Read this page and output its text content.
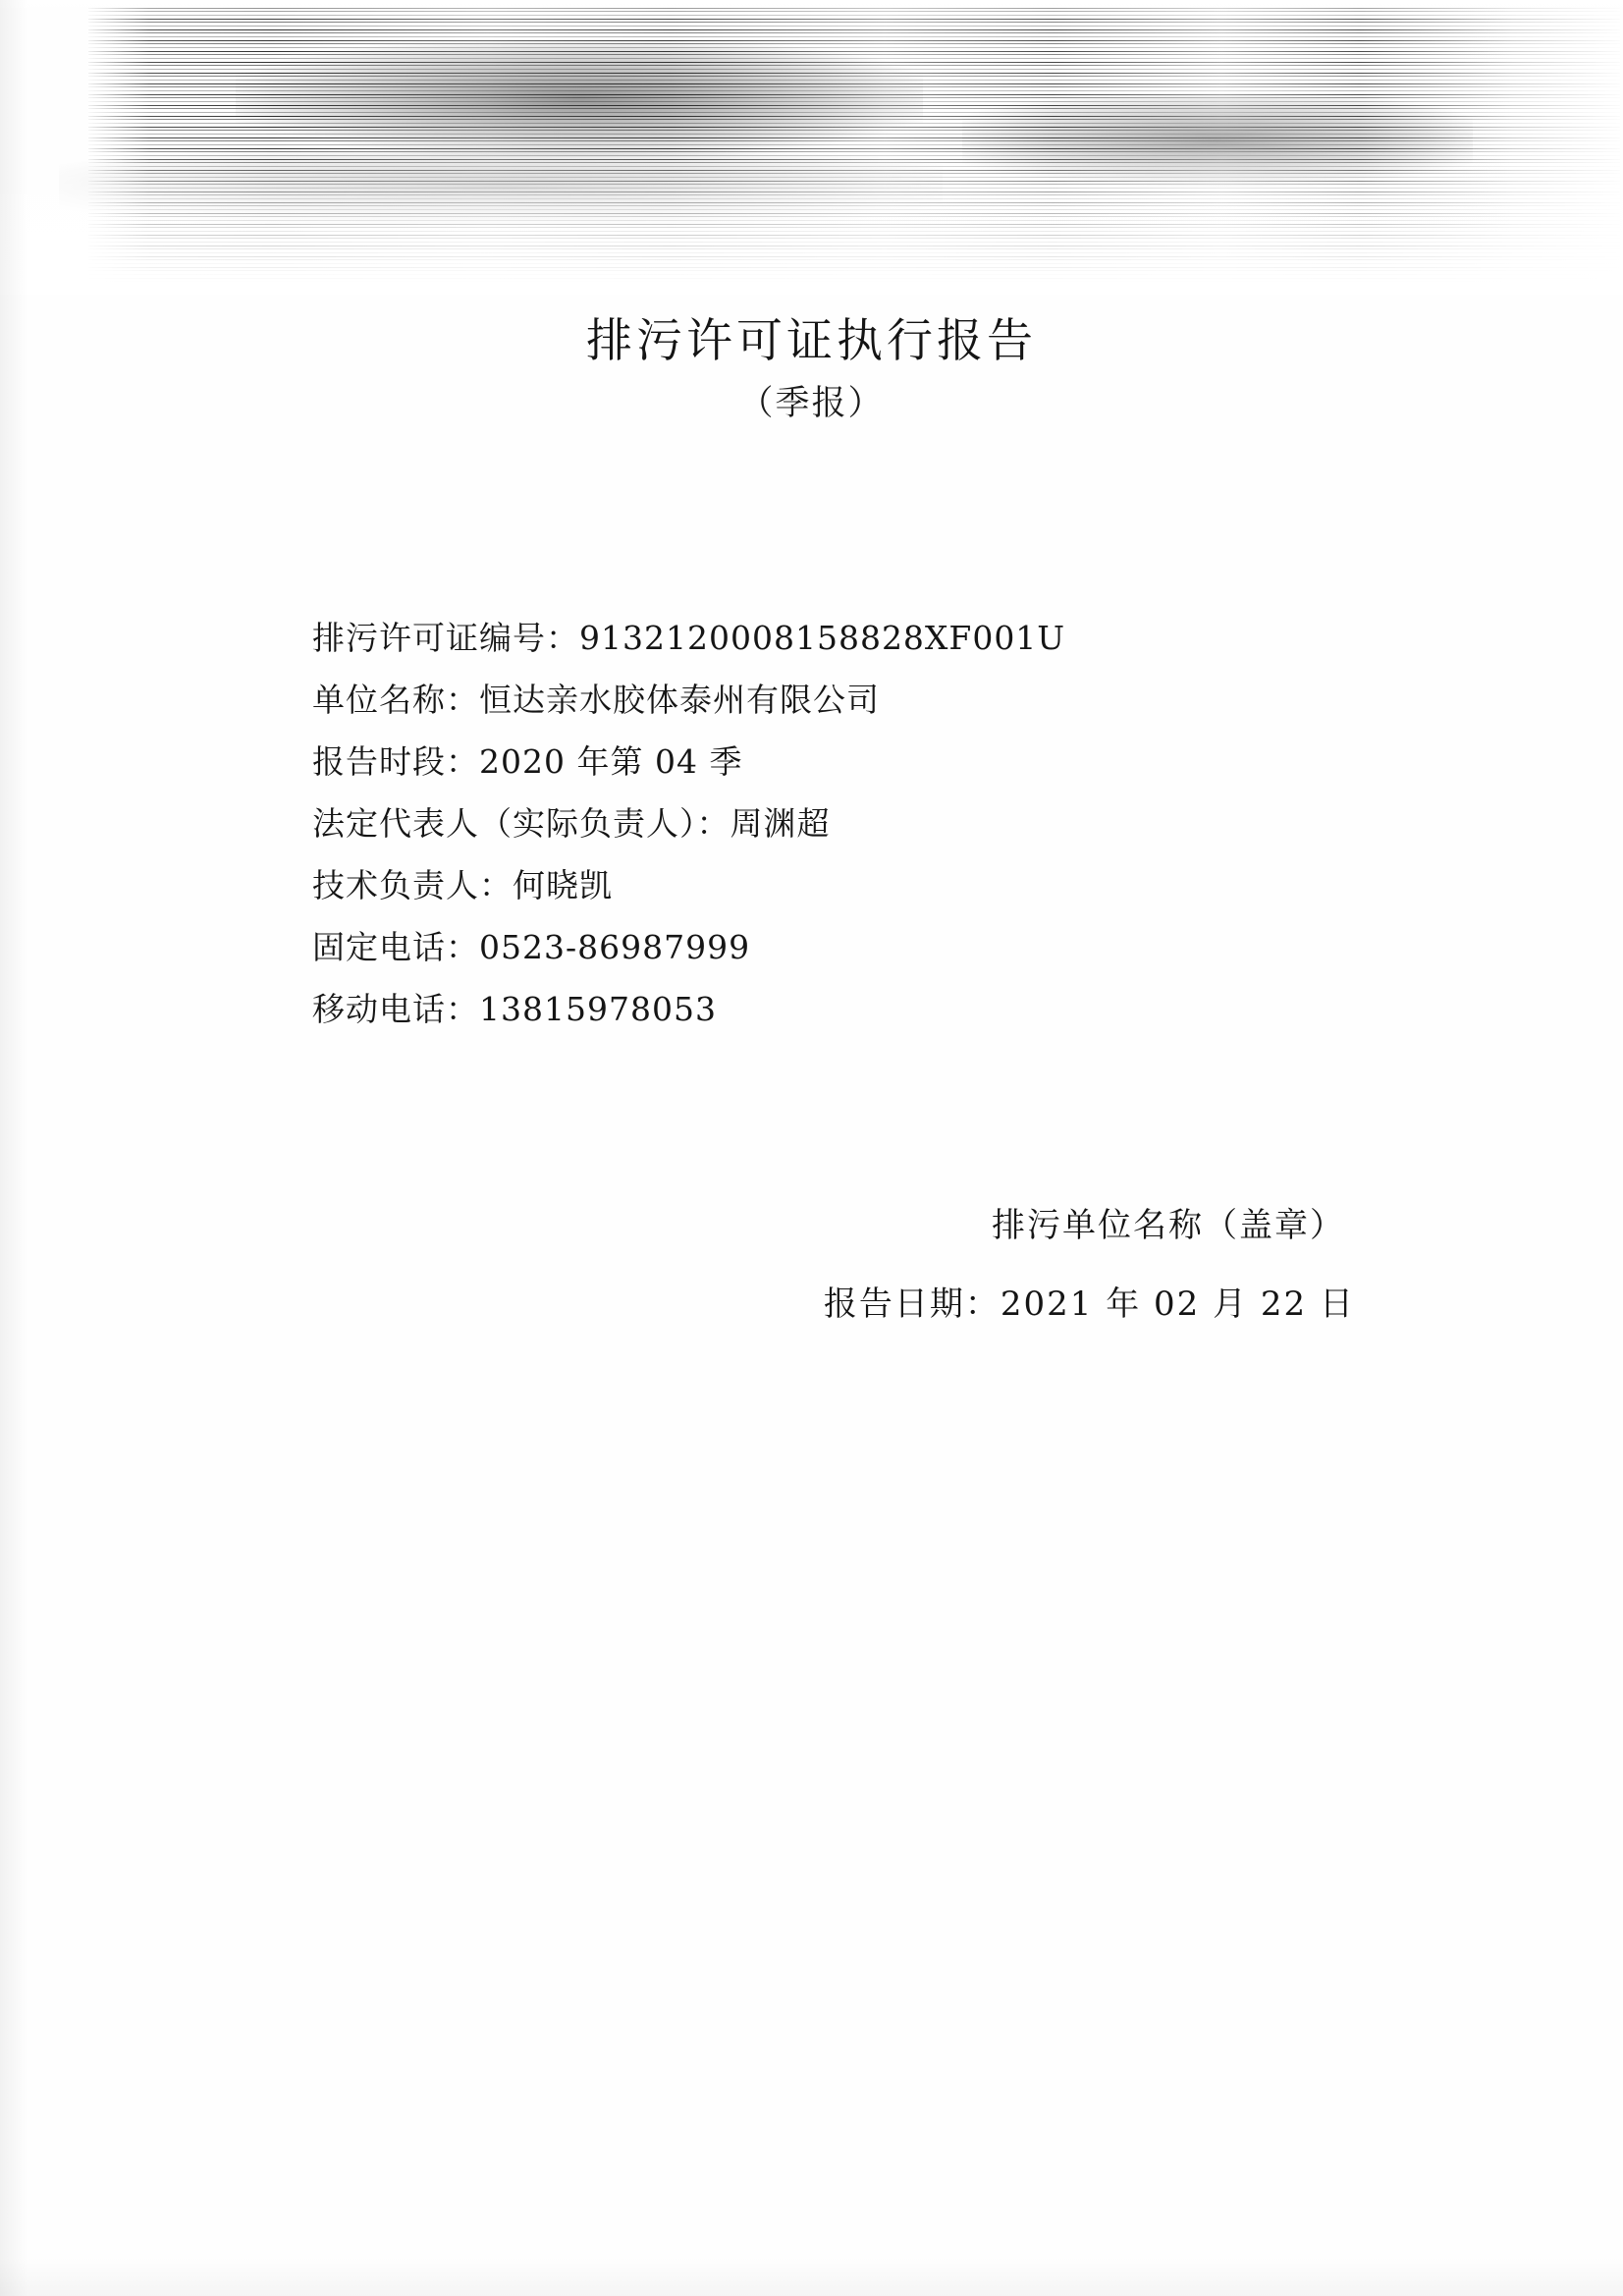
排污许可证执行报告
（季报）
排污许可证编号：9132120008158828XF001U
单位名称：恒达亲水胶体泰州有限公司
报告时段：2020 年第 04 季
法定代表人（实际负责人）：周渊超
技术负责人：何晓凯
固定电话：0523-86987999
移动电话：13815978053
排污单位名称（盖章）
报告日期：2021 年 02 月 22 日
